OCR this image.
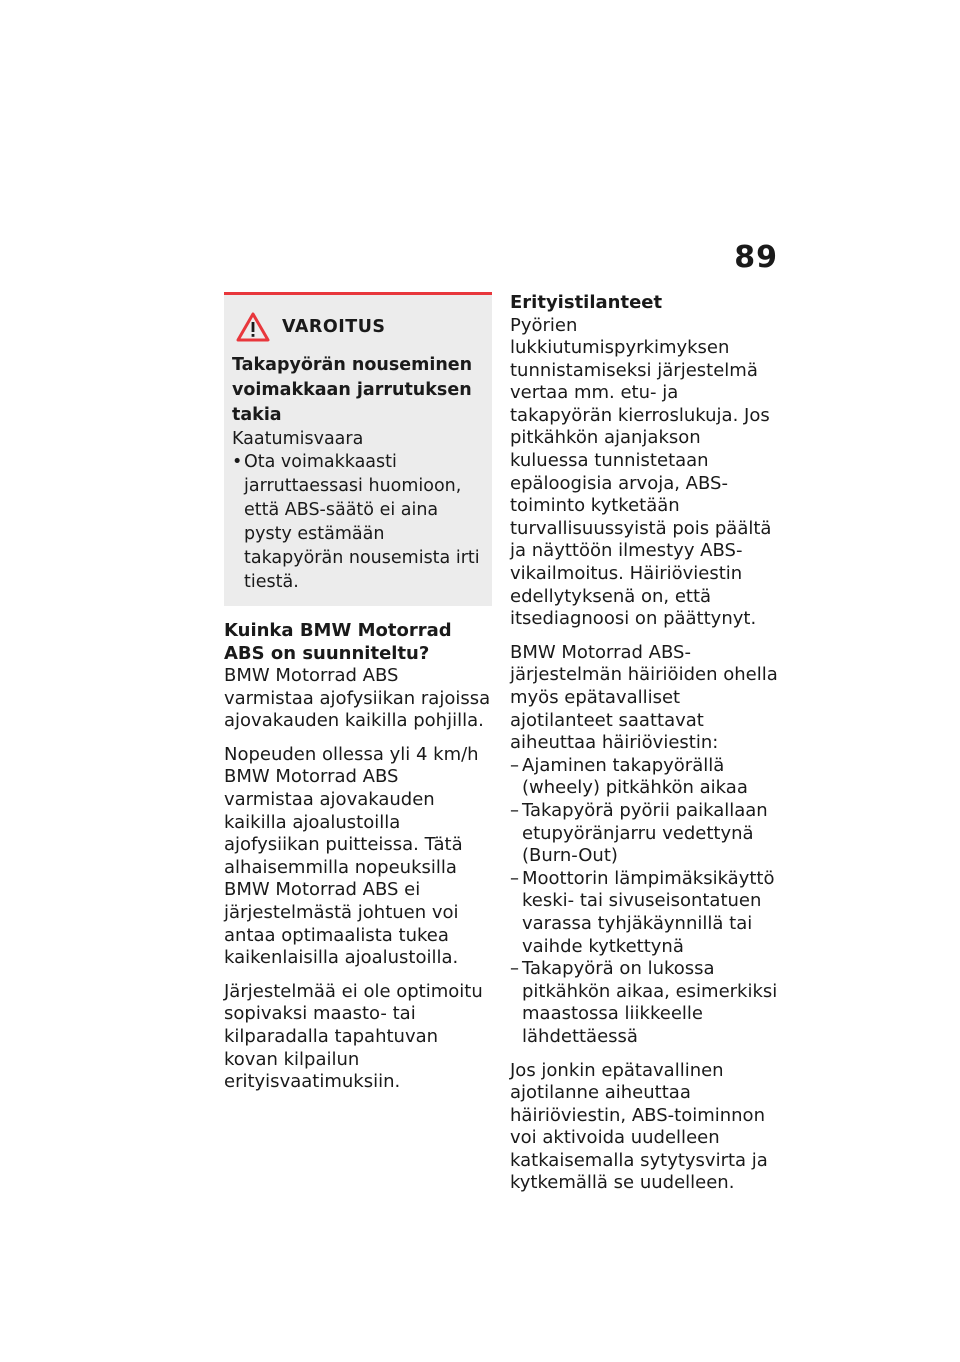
89
VAROITUS

Takapyörän nouseminen voimakkaan jarrutuksen takia

Kaatumisvaara

• Ota voimakkaasti jarruttaessasi huomioon, että ABS-säätö ei aina pysty estämään takapyörän nousemista irti tiestä.

Kuinka BMW Motorrad ABS on suunniteltu?

BMW Motorrad ABS varmistaa ajofysiikan rajoissa ajovakauden kaikilla pohjilla.

Nopeuden ollessa yli 4 km/h BMW Motorrad ABS varmistaa ajovakauden kaikilla ajoalustoilla ajofysiikan puitteissa. Tätä alhaisemmilla nopeuksilla BMW Motorrad ABS ei järjestelmästä johtuen voi antaa optimaalista tukea kaikenlaisilla ajoalustoilla.

Järjestelmää ei ole optimoitu sopivaksi maasto- tai kilparadalla tapahtuvan kovan kilpailun erityisvaatimuksiin.

Erityistilanteet

Pyörien lukkiutumispyrkimyksen tunnistamiseksi järjestelmä vertaa mm. etu- ja takapyörän kierroslukuja. Jos pitkähkön ajanjakson kuluessa tunnistetaan epäloogisia arvoja, ABS-toiminto kytketään turvallisuussyistä pois päältä ja näyttöön ilmestyy ABS-vikailmoitus. Häiriöviestin edellytyksenä on, että itsediagnoosi on päättynyt.

BMW Motorrad ABS-järjestelmän häiriöiden ohella myös epätavalliset ajotilanteet saattavat aiheuttaa häiriöviestin:

– Ajaminen takapyörällä (wheely) pitkähkön aikaa
– Takapyörä pyörii paikallaan etupyöränjarru vedettynä (Burn-Out)
– Moottorin lämpimäksikäyttö keski- tai sivuseisontatuen varassa tyhjäkäynnillä tai vaihde kytkettynä
– Takapyörä on lukossa pitkähkön aikaa, esimerkiksi maastossa liikkeelle lähdettäessä

Jos jonkin epätavallinen ajotilanne aiheuttaa häiriöviestin, ABS-toiminnon voi aktivoida uudelleen katkaisemalla sytytysvirta ja kytkemällä se uudelleen.
